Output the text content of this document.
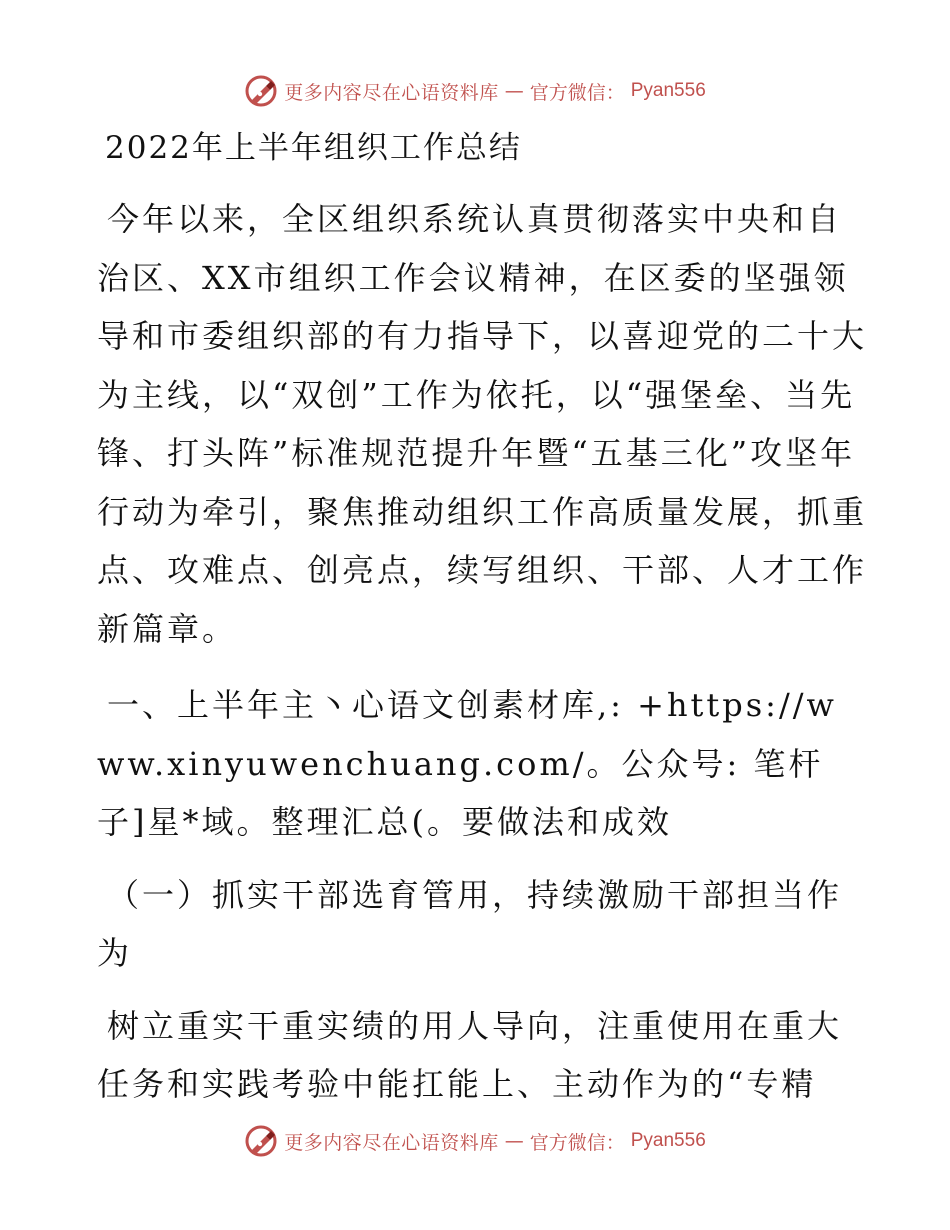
更多内容尽在心语资料库 — 官方微信： Pyan556
2022年上半年组织工作总结

今年以来，全区组织系统认真贯彻落实中央和自治区、XX市组织工作会议精神，在区委的坚强领导和市委组织部的有力指导下，以喜迎党的二十大为主线，以“双创”工作为依托，以“强堡垒、当先锋、打头阵”标准规范提升年暨“五基三化”攻坚年行动为牵引，聚焦推动组织工作高质量发展，抓重点、攻难点、创亮点，续写组织、干部、人才工作新篇章。

一、上半年主丶心语文创素材库,: +https://www.xinyuwenchuang.com/。公众号: 笔杆子]星*域。整理汇总(。要做法和成效

（一）抓实干部选育管用，持续激励干部担当作为

树立重实干重实绩的用人导向，注重使用在重大任务和实践考验中能扛能上、主动作为的“专精

更多内容尽在心语资料库 — 官方微信： Pyan556
